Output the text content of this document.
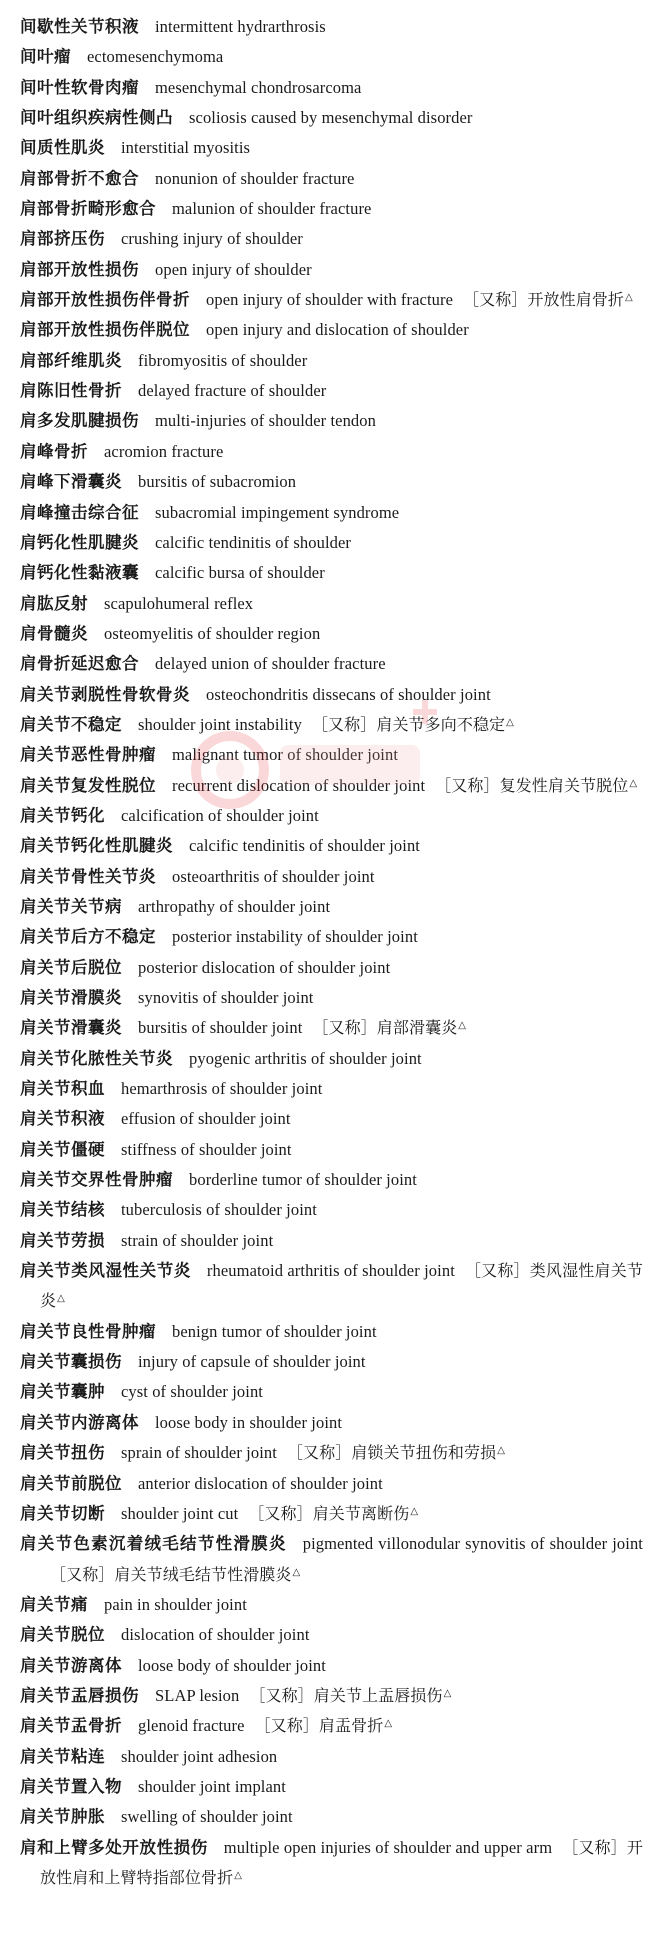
间歇性关节积液 intermittent hydrarthrosis
间叶瘤 ectomesenchymoma
间叶性软骨肉瘤 mesenchymal chondrosarcoma
间叶组织疾病性侧凸 scoliosis caused by mesenchymal disorder
间质性肌炎 interstitial myositis
肩部骨折不愈合 nonunion of shoulder fracture
肩部骨折畸形愈合 malunion of shoulder fracture
肩部挤压伤 crushing injury of shoulder
肩部开放性损伤 open injury of shoulder
肩部开放性损伤伴骨折 open injury of shoulder with fracture ［又称］开放性肩骨折△
肩部开放性损伤伴脱位 open injury and dislocation of shoulder
肩部纤维肌炎 fibromyositis of shoulder
肩陈旧性骨折 delayed fracture of shoulder
肩多发肌腱损伤 multi-injuries of shoulder tendon
肩峰骨折 acromion fracture
肩峰下滑囊炎 bursitis of subacromion
肩峰撞击综合征 subacromial impingement syndrome
肩钙化性肌腱炎 calcific tendinitis of shoulder
肩钙化性黏液囊 calcific bursa of shoulder
肩肱反射 scapulohumeral reflex
肩骨髓炎 osteomyelitis of shoulder region
肩骨折延迟愈合 delayed union of shoulder fracture
肩关节剥脱性骨软骨炎 osteochondritis dissecans of shoulder joint
肩关节不稳定 shoulder joint instability ［又称］肩关节多向不稳定△
肩关节恶性骨肿瘤 malignant tumor of shoulder joint
肩关节复发性脱位 recurrent dislocation of shoulder joint ［又称］复发性肩关节脱位△
肩关节钙化 calcification of shoulder joint
肩关节钙化性肌腱炎 calcific tendinitis of shoulder joint
肩关节骨性关节炎 osteoarthritis of shoulder joint
肩关节关节病 arthropathy of shoulder joint
肩关节后方不稳定 posterior instability of shoulder joint
肩关节后脱位 posterior dislocation of shoulder joint
肩关节滑膜炎 synovitis of shoulder joint
肩关节滑囊炎 bursitis of shoulder joint ［又称］肩部滑囊炎△
肩关节化脓性关节炎 pyogenic arthritis of shoulder joint
肩关节积血 hemarthrosis of shoulder joint
肩关节积液 effusion of shoulder joint
肩关节僵硬 stiffness of shoulder joint
肩关节交界性骨肿瘤 borderline tumor of shoulder joint
肩关节结核 tuberculosis of shoulder joint
肩关节劳损 strain of shoulder joint
肩关节类风湿性关节炎 rheumatoid arthritis of shoulder joint ［又称］类风湿性肩关节炎△
肩关节良性骨肿瘤 benign tumor of shoulder joint
肩关节囊损伤 injury of capsule of shoulder joint
肩关节囊肿 cyst of shoulder joint
肩关节内游离体 loose body in shoulder joint
肩关节扭伤 sprain of shoulder joint ［又称］肩锁关节扭伤和劳损△
肩关节前脱位 anterior dislocation of shoulder joint
肩关节切断 shoulder joint cut ［又称］肩关节离断伤△
肩关节色素沉着绒毛结节性滑膜炎 pigmented villonodular synovitis of shoulder joint［又称］肩关节绒毛结节性滑膜炎△
肩关节痛 pain in shoulder joint
肩关节脱位 dislocation of shoulder joint
肩关节游离体 loose body of shoulder joint
肩关节盂唇损伤 SLAP lesion ［又称］肩关节上盂唇损伤△
肩关节盂骨折 glenoid fracture ［又称］肩盂骨折△
肩关节粘连 shoulder joint adhesion
肩关节置入物 shoulder joint implant
肩关节肿胀 swelling of shoulder joint
肩和上臂多处开放性损伤 multiple open injuries of shoulder and upper arm ［又称］开放性肩和上臂特指部位骨折△
